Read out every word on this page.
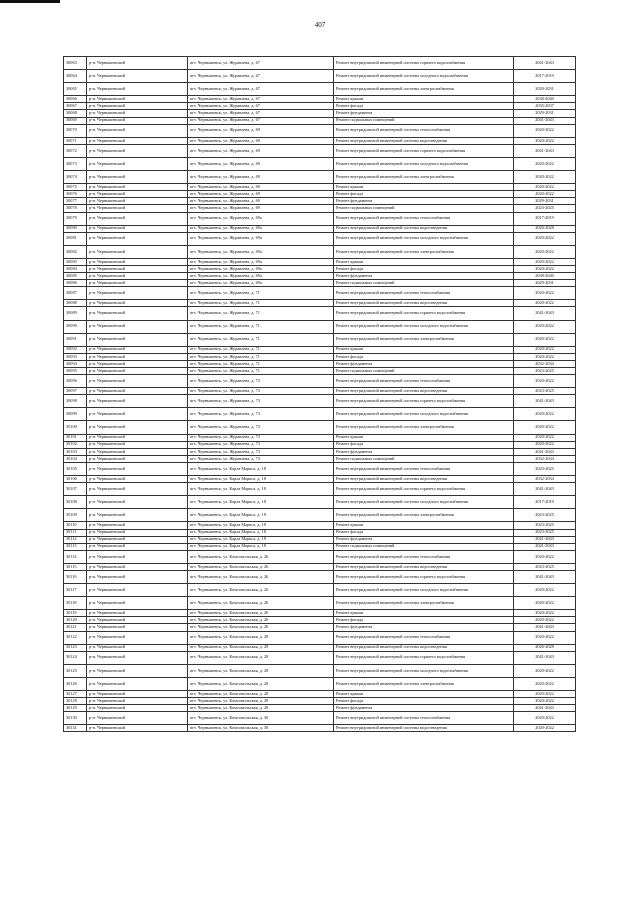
407
30063	р-н. Чернышевский	пгт. Чернышевск, ул. Журавлева, д. 67	Ремонт внутридомовой инженерной системы горячего водоснабжения	2041-2043
30064	р-н. Чернышевский	пгт. Чернышевск, ул. Журавлева, д. 67	Ремонт внутридомовой инженерной системы холодного водоснабжения	2017-2019
30065	р-н. Чернышевский	пгт. Чернышевск, ул. Журавлева, д. 67	Ремонт внутридомовой инженерной системы электроснабжения	2029-2031
30066	р-н. Чернышевский	пгт. Чернышевск, ул. Журавлева, д. 67	Ремонт крыши	2038-2040
30067	р-н. Чернышевский	пгт. Чернышевск, ул. Журавлева, д. 67	Ремонт фасада	2035-2037
30068	р-н. Чернышевский	пгт. Чернышевск, ул. Журавлева, д. 67	Ремонт фундамента	2029-2031
30069	р-н. Чернышевский	пгт. Чернышевск, ул. Журавлева, д. 67	Ремонт подвальных помещений	2041-2043
30070	р-н. Чернышевский	пгт. Чернышевск, ул. Журавлева, д. 69	Ремонт внутридомовой инженерной системы теплоснабжения	2020-2022
30071	р-н. Чернышевский	пгт. Чернышевск, ул. Журавлева, д. 69	Ремонт внутридомовой инженерной системы водоотведения	2020-2022
30072	р-н. Чернышевский	пгт. Чернышевск, ул. Журавлева, д. 69	Ремонт внутридомовой инженерной системы горячего водоснабжения	2041-2043
30073	р-н. Чернышевский	пгт. Чернышевск, ул. Журавлева, д. 69	Ремонт внутридомовой инженерной системы холодного водоснабжения	2020-2022
30074	р-н. Чернышевский	пгт. Чернышевск, ул. Журавлева, д. 69	Ремонт внутридомовой инженерной системы электроснабжения	2020-2022
30075	р-н. Чернышевский	пгт. Чернышевск, ул. Журавлева, д. 69	Ремонт крыши	2020-2022
30076	р-н. Чернышевский	пгт. Чернышевск, ул. Журавлева, д. 69	Ремонт фасада	2020-2022
30077	р-н. Чернышевский	пгт. Чернышевск, ул. Журавлева, д. 69	Ремонт фундамента	2029-2031
30078	р-н. Чернышевский	пгт. Чернышевск, ул. Журавлева, д. 69	Ремонт подвальных помещений	2023-2025
30079	р-н. Чернышевский	пгт. Чернышевск, ул. Журавлева, д. 69а	Ремонт внутридомовой инженерной системы теплоснабжения	2017-2019
30080	р-н. Чернышевский	пгт. Чернышевск, ул. Журавлева, д. 69а	Ремонт внутридомовой инженерной системы водоотведения	2026-2028
30081	р-н. Чернышевский	пгт. Чернышевск, ул. Журавлева, д. 69а	Ремонт внутридомовой инженерной системы холодного водоснабжения	2020-2022
30082	р-н. Чернышевский	пгт. Чернышевск, ул. Журавлева, д. 69а	Ремонт внутридомовой инженерной системы электроснабжения	2020-2022
30083	р-н. Чернышевский	пгт. Чернышевск, ул. Журавлева, д. 69а	Ремонт крыши	2020-2022
30084	р-н. Чернышевский	пгт. Чернышевск, ул. Журавлева, д. 69а	Ремонт фасада	2020-2022
30085	р-н. Чернышевский	пгт. Чернышевск, ул. Журавлева, д. 69а	Ремонт фундамента	2038-2040
30086	р-н. Чернышевский	пгт. Чернышевск, ул. Журавлева, д. 69а	Ремонт подвальных помещений	2029-2031
30087	р-н. Чернышевский	пгт. Чернышевск, ул. Журавлева, д. 71	Ремонт внутридомовой инженерной системы теплоснабжения	2020-2022
30088	р-н. Чернышевский	пгт. Чернышевск, ул. Журавлева, д. 71	Ремонт внутридомовой инженерной системы водоотведения	2020-2022
30089	р-н. Чернышевский	пгт. Чернышевск, ул. Журавлева, д. 71	Ремонт внутридомовой инженерной системы горячего водоснабжения	2041-2043
30090	р-н. Чернышевский	пгт. Чернышевск, ул. Журавлева, д. 71	Ремонт внутридомовой инженерной системы холодного водоснабжения	2020-2022
30091	р-н. Чернышевский	пгт. Чернышевск, ул. Журавлева, д. 71	Ремонт внутридомовой инженерной системы электроснабжения	2020-2022
30092	р-н. Чернышевский	пгт. Чернышевск, ул. Журавлева, д. 71	Ремонт крыши	2020-2022
30093	р-н. Чернышевский	пгт. Чернышевск, ул. Журавлева, д. 71	Ремонт фасада	2020-2022
30094	р-н. Чернышевский	пгт. Чернышевск, ул. Журавлева, д. 71	Ремонт фундамента	2032-2034
30095	р-н. Чернышевский	пгт. Чернышевск, ул. Журавлева, д. 71	Ремонт подвальных помещений	2023-2025
30096	р-н. Чернышевский	пгт. Чернышевск, ул. Журавлева, д. 73	Ремонт внутридомовой инженерной системы теплоснабжения	2020-2022
30097	р-н. Чернышевский	пгт. Чернышевск, ул. Журавлева, д. 73	Ремонт внутридомовой инженерной системы водоотведения	2023-2025
30098	р-н. Чернышевский	пгт. Чернышевск, ул. Журавлева, д. 73	Ремонт внутридомовой инженерной системы горячего водоснабжения	2041-2043
30099	р-н. Чернышевский	пгт. Чернышевск, ул. Журавлева, д. 73	Ремонт внутридомовой инженерной системы холодного водоснабжения	2020-2022
30100	р-н. Чернышевский	пгт. Чернышевск, ул. Журавлева, д. 73	Ремонт внутридомовой инженерной системы электроснабжения	2020-2022
30101	р-н. Чернышевский	пгт. Чернышевск, ул. Журавлева, д. 73	Ремонт крыши	2020-2022
30102	р-н. Чернышевский	пгт. Чернышевск, ул. Журавлева, д. 73	Ремонт фасада	2020-2022
30103	р-н. Чернышевский	пгт. Чернышевск, ул. Журавлева, д. 73	Ремонт фундамента	2041-2043
30104	р-н. Чернышевский	пгт. Чернышевск, ул. Журавлева, д. 73	Ремонт подвальных помещений	2032-2034
30105	р-н. Чернышевский	пгт. Чернышевск, ул. Карла Маркса, д. 18	Ремонт внутридомовой инженерной системы теплоснабжения	2023-2025
30106	р-н. Чернышевский	пгт. Чернышевск, ул. Карла Маркса, д. 18	Ремонт внутридомовой инженерной системы водоотведения	2032-2034
30107	р-н. Чернышевский	пгт. Чернышевск, ул. Карла Маркса, д. 18	Ремонт внутридомовой инженерной системы горячего водоснабжения	2041-2043
30108	р-н. Чернышевский	пгт. Чернышевск, ул. Карла Маркса, д. 18	Ремонт внутридомовой инженерной системы холодного водоснабжения	2017-2019
30109	р-н. Чернышевский	пгт. Чернышевск, ул. Карла Маркса, д. 18	Ремонт внутридомовой инженерной системы электроснабжения	2023-2025
30110	р-н. Чернышевский	пгт. Чернышевск, ул. Карла Маркса, д. 18	Ремонт крыши	2023-2025
30111	р-н. Чернышевский	пгт. Чернышевск, ул. Карла Маркса, д. 18	Ремонт фасада	2023-2025
30112	р-н. Чернышевский	пгт. Чернышевск, ул. Карла Маркса, д. 18	Ремонт фундамента	2041-2043
30113	р-н. Чернышевский	пгт. Чернышевск, ул. Карла Маркса, д. 18	Ремонт подвальных помещений	2041-2043
30114	р-н. Чернышевский	пгт. Чернышевск, ул. Комсомольская, д. 26	Ремонт внутридомовой инженерной системы теплоснабжения	2020-2022
30115	р-н. Чернышевский	пгт. Чернышевск, ул. Комсомольская, д. 26	Ремонт внутридомовой инженерной системы водоотведения	2023-2025
30116	р-н. Чернышевский	пгт. Чернышевск, ул. Комсомольская, д. 26	Ремонт внутридомовой инженерной системы горячего водоснабжения	2041-2043
30117	р-н. Чернышевский	пгт. Чернышевск, ул. Комсомольская, д. 26	Ремонт внутридомовой инженерной системы холодного водоснабжения	2020-2022
30118	р-н. Чернышевский	пгт. Чернышевск, ул. Комсомольская, д. 26	Ремонт внутридомовой инженерной системы электроснабжения	2020-2022
30119	р-н. Чернышевский	пгт. Чернышевск, ул. Комсомольская, д. 26	Ремонт крыши	2020-2022
30120	р-н. Чернышевский	пгт. Чернышевск, ул. Комсомольская, д. 26	Ремонт фасада	2020-2022
30121	р-н. Чернышевский	пгт. Чернышевск, ул. Комсомольская, д. 26	Ремонт фундамента	2041-2043
30122	р-н. Чернышевский	пгт. Чернышевск, ул. Комсомольская, д. 28	Ремонт внутридомовой инженерной системы теплоснабжения	2020-2022
30123	р-н. Чернышевский	пгт. Чернышевск, ул. Комсомольская, д. 28	Ремонт внутридомовой инженерной системы водоотведения	2026-2028
30124	р-н. Чернышевский	пгт. Чернышевск, ул. Комсомольская, д. 28	Ремонт внутридомовой инженерной системы горячего водоснабжения	2041-2043
30125	р-н. Чернышевский	пгт. Чернышевск, ул. Комсомольская, д. 28	Ремонт внутридомовой инженерной системы холодного водоснабжения	2020-2022
30126	р-н. Чернышевский	пгт. Чернышевск, ул. Комсомольская, д. 28	Ремонт внутридомовой инженерной системы электроснабжения	2020-2022
30127	р-н. Чернышевский	пгт. Чернышевск, ул. Комсомольская, д. 28	Ремонт крыши	2020-2022
30128	р-н. Чернышевский	пгт. Чернышевск, ул. Комсомольская, д. 28	Ремонт фасада	2020-2022
30129	р-н. Чернышевский	пгт. Чернышевск, ул. Комсомольская, д. 28	Ремонт фундамента	2041-2043
30130	р-н. Чернышевский	пгт. Чернышевск, ул. Комсомольская, д. 30	Ремонт внутридомовой инженерной системы теплоснабжения	2020-2022
30131	р-н. Чернышевский	пгт. Чернышевск, ул. Комсомольская, д. 30	Ремонт внутридомовой инженерной системы водоотведения	2020-2022
